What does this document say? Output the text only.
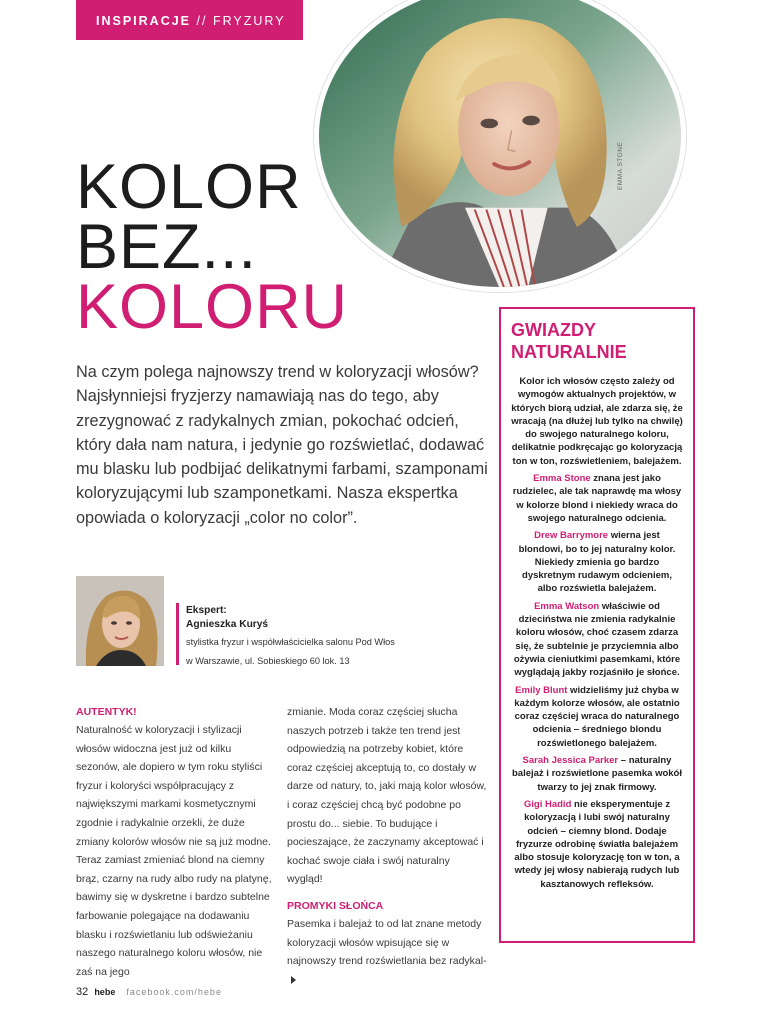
INSPIRACJE // FRYZURY
EMMA STONE
KOLOR
BEZ...
KOLORU

Na czym polega najnowszy trend w koloryzacji włosów? Najsłynniejsi fryzjerzy namawiają nas do tego, aby zrezygnować z radykalnych zmian, pokochać odcień, który dała nam natura, i jedynie go rozświetlać, dodawać mu blasku lub podbijać delikatnymi farbami, szamponami koloryzującymi lub szamponetkami. Nasza ekspertka opowiada o koloryzacji „color no color”.

Ekspert:
Agnieszka Kuryś
stylistka fryzur i współwłaścicielka salonu Pod Włos
w Warszawie, ul. Sobieskiego 60 lok. 13
AUTENTYK!
Naturalność w koloryzacji i stylizacji włosów widoczna jest już od kilku sezonów, ale dopiero w tym roku styliści fryzur i koloryści współpracujący z największymi markami kosmetycznymi zgodnie i radykalnie orzekli, że duże zmiany kolorów włosów nie są już modne. Teraz zamiast zmieniać blond na ciemny brąz, czarny na rudy albo rudy na platynę, bawimy się w dyskretne i bardzo subtelne farbowanie polegające na dodawaniu blasku i rozświetlaniu lub odświeżaniu naszego naturalnego koloru włosów, nie zaś na jego
zmianie. Moda coraz częściej słucha naszych potrzeb i także ten trend jest odpowiedzią na potrzeby kobiet, które coraz częściej akceptują to, co dostały w darze od natury, to, jaki mają kolor włosów, i coraz częściej chcą być podobne po prostu do... siebie. To budujące i pocieszające, że zaczynamy akceptować i kochać swoje ciała i swój naturalny wygląd!
PROMYKI SŁOŃCA
Pasemka i balejaż to od lat znane metody koloryzacji włosów wpisujące się w najnowszy trend rozświetlania bez radykal-
GWIAZDY
NATURALNIE

Kolor ich włosów często zależy od wymogów aktualnych projektów, w których biorą udział, ale zdarza się, że wracają (na dłużej lub tylko na chwilę) do swojego naturalnego koloru, delikatnie podkręcając go koloryzacją ton w ton, rozświetleniem, balejażem.

Emma Stone znana jest jako rudzielec, ale tak naprawdę ma włosy w kolorze blond i niekiedy wraca do swojego naturalnego odcienia.

Drew Barrymore wierna jest blondowi, bo to jej naturalny kolor. Niekiedy zmienia go bardzo dyskretnym rudawym odcieniem, albo rozświetla balejażem.

Emma Watson właściwie od dzieciństwa nie zmienia radykalnie koloru włosów, choć czasem zdarza się, że subtelnie je przyciemnia albo ożywia cieniutkimi pasemkami, które wyglądają jakby rozjaśniło je słońce.

Emily Blunt widzieliśmy już chyba w każdym kolorze włosów, ale ostatnio coraz częściej wraca do naturalnego odcienia – średniego blondu rozświetlonego balejażem.

Sarah Jessica Parker – naturalny balejaż i rozświetlone pasemka wokół twarzy to jej znak firmowy.

Gigi Hadid nie eksperymentuje z koloryzacją i lubi swój naturalny odcień – ciemny blond. Dodaje fryzurze odrobinę światła balejażem albo stosuje koloryzację ton w ton, a wtedy jej włosy nabierają rudych lub kasztanowych refleksów.

32 hebe facebook.com/hebe
